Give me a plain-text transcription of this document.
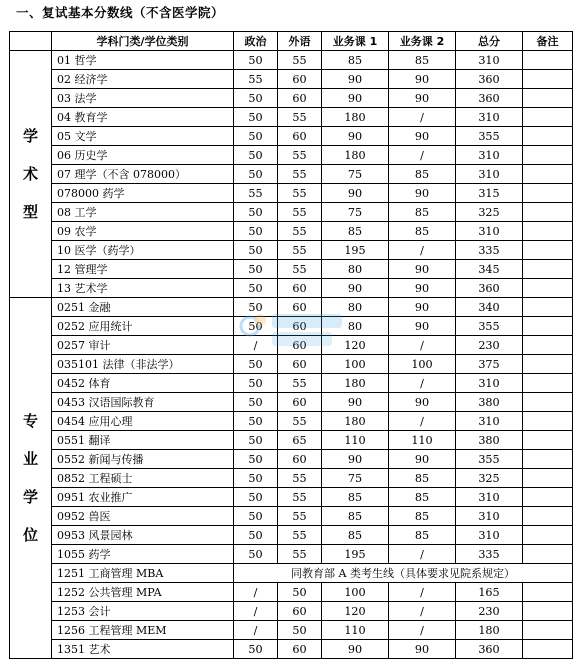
一、复试基本分数线（不含医学院）
	学科门类/学位类别	政治	外语	业务课 1	业务课 2	总分	备注

学
术
型	01 哲学	50	55	85	85	310	
	02 经济学	55	60	90	90	360	
	03 法学	50	60	90	90	360	
	04 教育学	50	55	180	/	310	
	05 文学	50	60	90	90	355	
	06 历史学	50	55	180	/	310	
	07 理学（不含 078000）	50	55	75	85	310	
	078000 药学	55	55	90	90	315	
	08 工学	50	55	75	85	325	
	09 农学	50	55	85	85	310	
	10 医学（药学）	50	55	195	/	335	
	12 管理学	50	55	80	90	345	
	13 艺术学	50	60	90	90	360	

专
业
学
位	0251 金融	50	60	80	90	340	
	0252 应用统计	50	60	80	90	355	
	0257 审计	/	60	120	/	230	
	035101 法律（非法学）	50	60	100	100	375	
	0452 体育	50	55	180	/	310	
	0453 汉语国际教育	50	60	90	90	380	
	0454 应用心理	50	55	180	/	310	
	0551 翻译	50	65	110	110	380	
	0552 新闻与传播	50	60	90	90	355	
	0852 工程硕士	50	55	75	85	325	
	0951 农业推广	50	55	85	85	310	
	0952 兽医	50	55	85	85	310	
	0953 风景园林	50	55	85	85	310	
	1055 药学	50	55	195	/	335	
	1251 工商管理 MBA	同教育部 A 类考生线（具体要求见院系规定）					
	1252 公共管理 MPA	/	50	100	/	165	
	1253 会计	/	60	120	/	230	
	1256 工程管理 MEM	/	50	110	/	180	
	1351 艺术	50	60	90	90	360	
